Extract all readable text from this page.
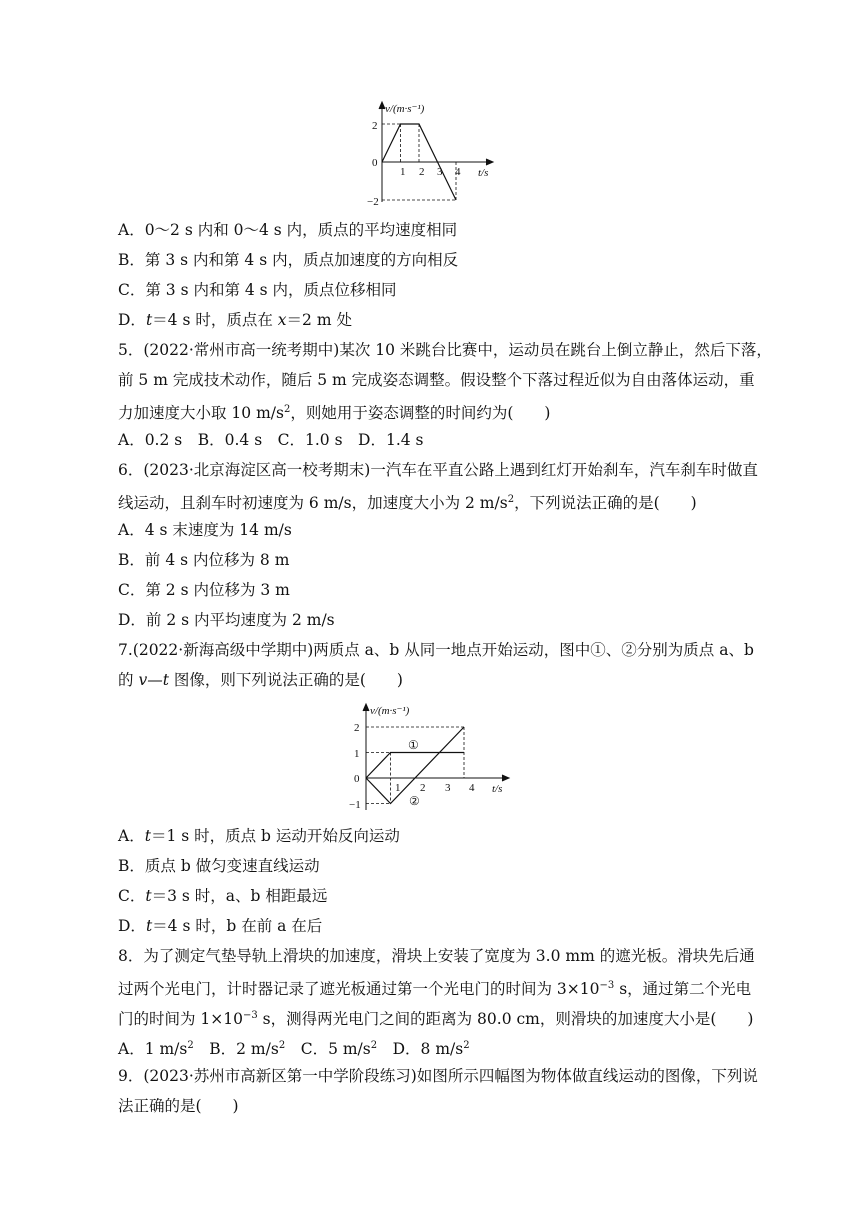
v/(m·s⁻¹)
t/s
2
0
−2
1 2 3 4
A．0～2 s 内和 0～4 s 内，质点的平均速度相同
B．第 3 s 内和第 4 s 内，质点加速度的方向相反
C．第 3 s 内和第 4 s 内，质点位移相同
D．t＝4 s 时，质点在 x＝2 m 处
5．(2022·常州市高一统考期中)某次 10 米跳台比赛中，运动员在跳台上倒立静止，然后下落，
前 5 m 完成技术动作，随后 5 m 完成姿态调整。假设整个下落过程近似为自由落体运动，重
力加速度大小取 10 $m/s^2$，则她用于姿态调整的时间约为(　　)
A．0.2 s　B．0.4 s　C．1.0 s　D．1.4 s
6．(2023·北京海淀区高一校考期末)一汽车在平直公路上遇到红灯开始刹车，汽车刹车时做直
线运动，且刹车时初速度为 6 m/s，加速度大小为 2 $m/s^2$，下列说法正确的是(　　)
A．4 s 末速度为 14 m/s
B．前 4 s 内位移为 8 m
C．第 2 s 内位移为 3 m
D．前 2 s 内平均速度为 2 m/s
7.(2022·新海高级中学期中)两质点 a、b 从同一地点开始运动，图中①、②分别为质点 a、b
的 v—t 图像，则下列说法正确的是(　　)
v/(m·s⁻¹)
t/s
2
1
0
−1
1 2 3 4
①
②
A．t＝1 s 时，质点 b 运动开始反向运动
B．质点 b 做匀变速直线运动
C．t＝3 s 时，a、b 相距最远
D．t＝4 s 时，b 在前 a 在后
8．为了测定气垫导轨上滑块的加速度，滑块上安装了宽度为 3.0 mm 的遮光板。滑块先后通
过两个光电门，计时器记录了遮光板通过第一个光电门的时间为 $3\times 10^{-3}$ s，通过第二个光电
门的时间为 $1\times 10^{-3}$ s，测得两光电门之间的距离为 80.0 cm，则滑块的加速度大小是(　　)
A．1 $m/s^2$　 B．2 $m/s^2$　 C．5 $m/s^2$　 D．8 $m/s^2$
9．(2023·苏州市高新区第一中学阶段练习)如图所示四幅图为物体做直线运动的图像，下列说
法正确的是(　　)
